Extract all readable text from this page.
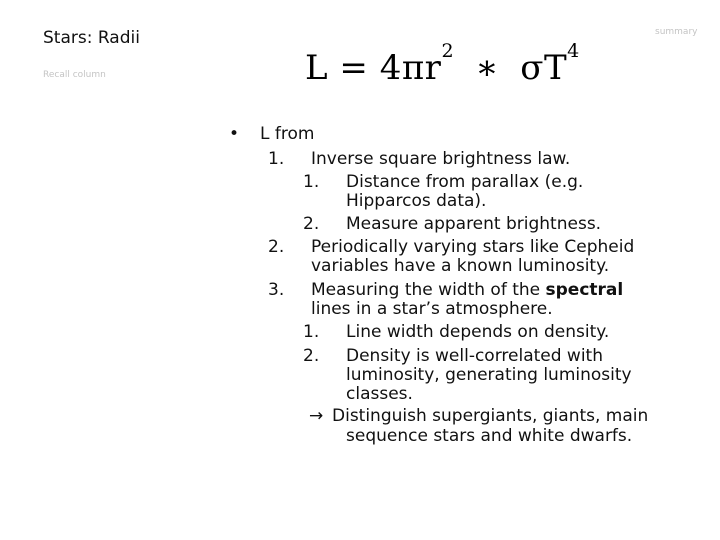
Stars: Radii	summary
Recall column	$L = 4\pi r^2$ ∗ $\sigma T^4$
• L from
1. Inverse square brightness law.
1. Distance from parallax (e.g.
Hipparcos data).
2. Measure apparent brightness.
2. Periodically varying stars like Cepheid
variables have a known luminosity.
3. Measuring the width of the spectral
lines in a star’s atmosphere.
1. Line width depends on density.
2. Density is well-correlated with
luminosity, generating luminosity
classes.
→ Distinguish supergiants, giants, main
sequence stars and white dwarfs.
